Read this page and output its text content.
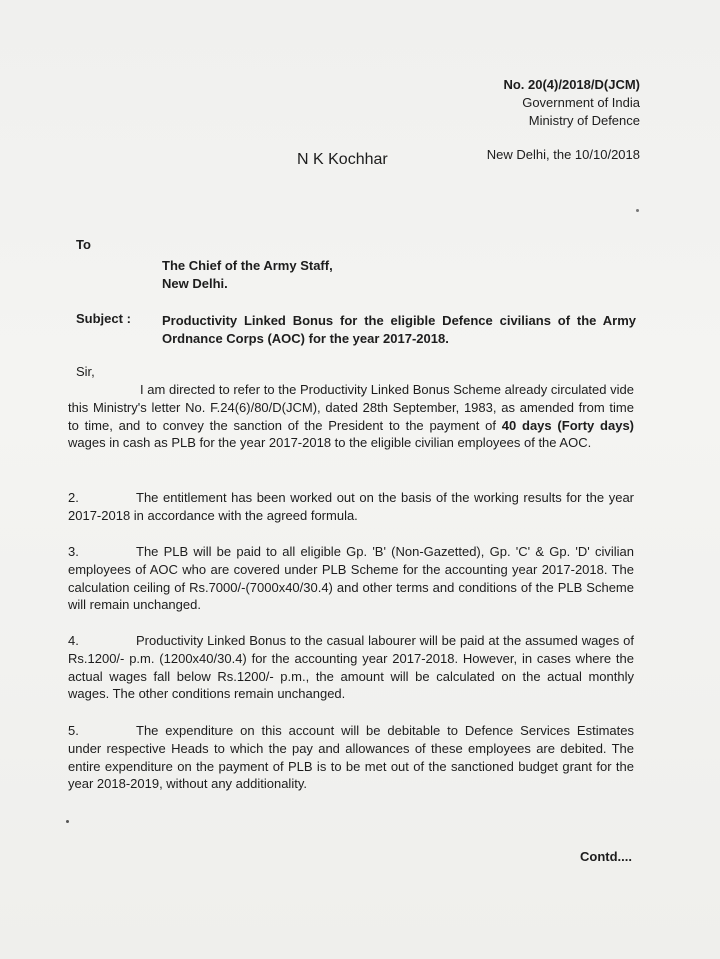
No. 20(4)/2018/D(JCM)
Government of India
Ministry of Defence
N K Kochhar	New Delhi, the 10/10/2018
To
The Chief of the Army Staff,
New Delhi.
Subject : Productivity Linked Bonus for the eligible Defence civilians of the Army
Ordnance Corps (AOC) for the year 2017-2018.
Sir,
I am directed to refer to the Productivity Linked Bonus Scheme already circulated vide this Ministry's letter No. F.24(6)/80/D(JCM), dated 28th September, 1983, as amended from time to time, and to convey the sanction of the President to the payment of 40 days (Forty days) wages in cash as PLB for the year 2017-2018 to the eligible civilian employees of the AOC.
2.	The entitlement has been worked out on the basis of the working results for the year 2017-2018 in accordance with the agreed formula.
3.	The PLB will be paid to all eligible Gp. 'B' (Non-Gazetted), Gp. 'C' & Gp. 'D' civilian employees of AOC who are covered under PLB Scheme for the accounting year 2017-2018. The calculation ceiling of Rs.7000/-(7000x40/30.4) and other terms and conditions of the PLB Scheme will remain unchanged.
4.	Productivity Linked Bonus to the casual labourer will be paid at the assumed wages of Rs.1200/- p.m. (1200x40/30.4) for the accounting year 2017-2018. However, in cases where the actual wages fall below Rs.1200/- p.m., the amount will be calculated on the actual monthly wages. The other conditions remain unchanged.
5.	The expenditure on this account will be debitable to Defence Services Estimates under respective Heads to which the pay and allowances of these employees are debited. The entire expenditure on the payment of PLB is to be met out of the sanctioned budget grant for the year 2018-2019, without any additionality.
Contd....
